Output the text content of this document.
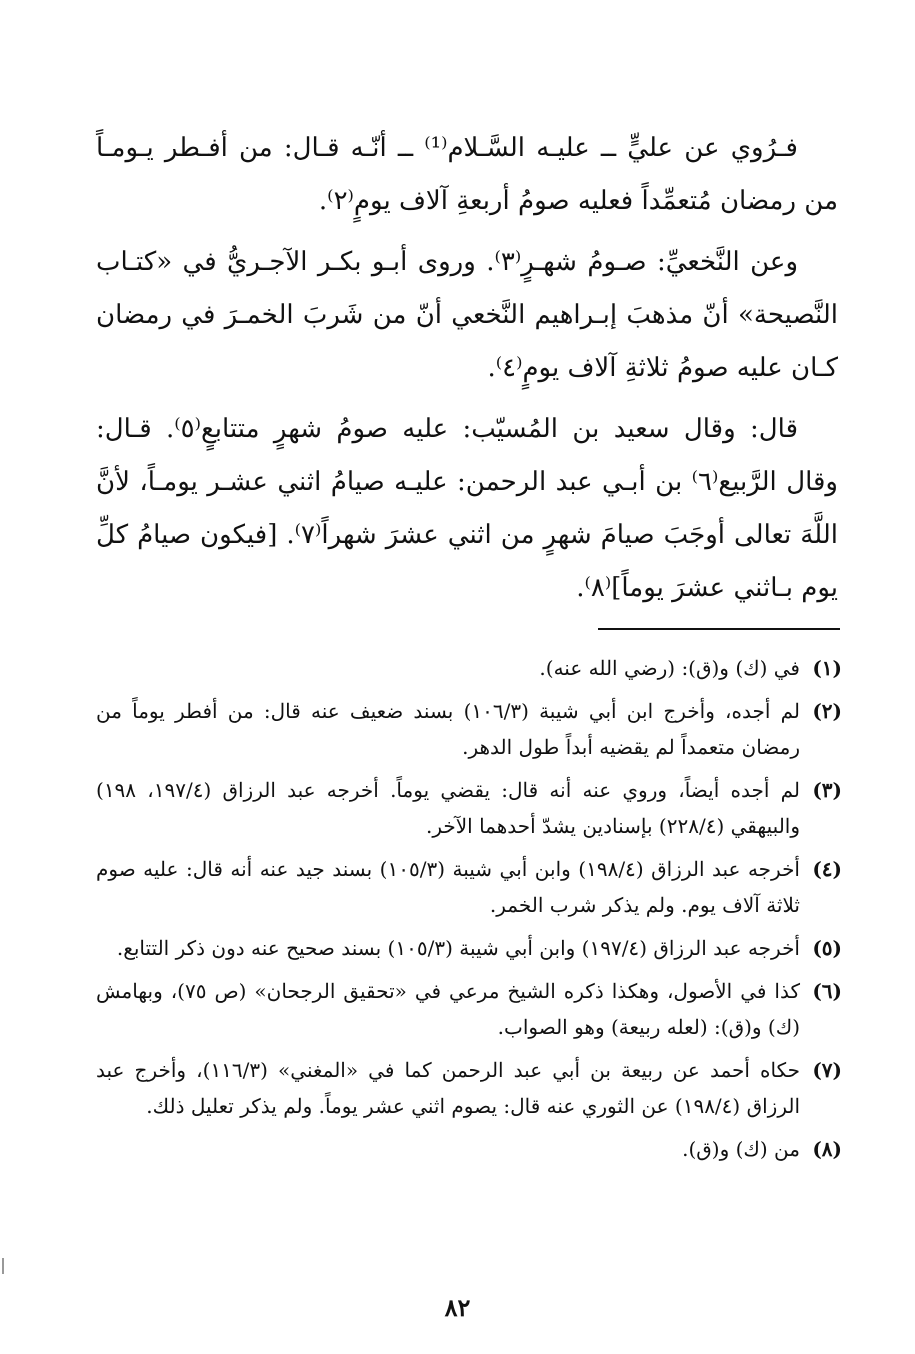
فـرُوي عن عليٍّ ــ عليـه السَّـلام⁽¹⁾ ــ أنّـه قـال: من أفـطر يـومـاً من رمضان مُتعمِّداً فعليه صومُ أربعةِ آلاف يومٍ⁽٢⁾.

وعن النَّخعيِّ: صـومُ شهـرٍ⁽٣⁾. وروى أبـو بكـر الآجـريُّ في «كتـاب النَّصيحة» أنّ مذهبَ إبـراهيم النَّخعي أنّ من شَربَ الخمـرَ في رمضان كـان عليه صومُ ثلاثةِ آلاف يومٍ⁽٤⁾.

قال: وقال سعيد بن المُسيّب: عليه صومُ شهرٍ متتابعٍ⁽٥⁾. قـال: وقال الرَّبيع⁽٦⁾ بن أبـي عبد الرحمن: عليـه صيامُ اثني عشـر يومـاً، لأنَّ اللَّهَ تعالى أوجَبَ صيامَ شهرٍ من اثني عشرَ شهراً⁽٧⁾. [فيكون صيامُ كلِّ يوم بـاثني عشرَ يوماً]⁽٨⁾.

(١)
في (ك) و(ق): (رضي الله عنه).
(٢)
لم أجده، وأخرج ابن أبي شيبة (١٠٦/٣) بسند ضعيف عنه قال: من أفطر يوماً من رمضان متعمداً لم يقضيه أبداً طول الدهر.
(٣)
لم أجده أيضاً، وروي عنه أنه قال: يقضي يوماً. أخرجه عبد الرزاق (١٩٧/٤، ١٩٨) والبيهقي (٢٢٨/٤) بإسنادين يشدّ أحدهما الآخر.
(٤)
أخرجه عبد الرزاق (١٩٨/٤) وابن أبي شيبة (١٠٥/٣) بسند جيد عنه أنه قال: عليه صوم ثلاثة آلاف يوم. ولم يذكر شرب الخمر.
(٥)
أخرجه عبد الرزاق (١٩٧/٤) وابن أبي شيبة (١٠٥/٣) بسند صحيح عنه دون ذكر التتابع.
(٦)
كذا في الأصول، وهكذا ذكره الشيخ مرعي في «تحقيق الرجحان» (ص ٧٥)، وبهامش (ك) و(ق): (لعله ربيعة) وهو الصواب.
(٧)
حكاه أحمد عن ربيعة بن أبي عبد الرحمن كما في «المغني» (١١٦/٣)، وأخرج عبد الرزاق (١٩٨/٤) عن الثوري عنه قال: يصوم اثني عشر يوماً. ولم يذكر تعليل ذلك.
(٨)
من (ك) و(ق).
٨٢
